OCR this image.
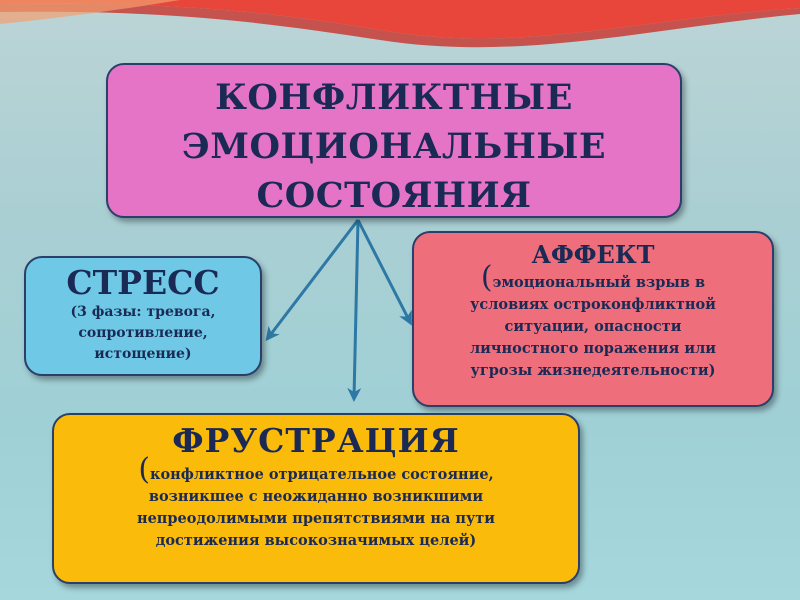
КОНФЛИКТНЫЕ
ЭМОЦИОНАЛЬНЫЕ
СОСТОЯНИЯ
СТРЕСС
(3 фазы: тревога,
сопротивление,
истощение)
АФФЕКТ
(эмоциональный взрыв в
условиях остроконфликтной
ситуации, опасности
личностного поражения или
угрозы жизнедеятельности)
ФРУСТРАЦИЯ
(конфликтное отрицательное состояние,
возникшее с неожиданно возникшими
непреодолимыми препятствиями на пути
достижения высокозначимых целей)
